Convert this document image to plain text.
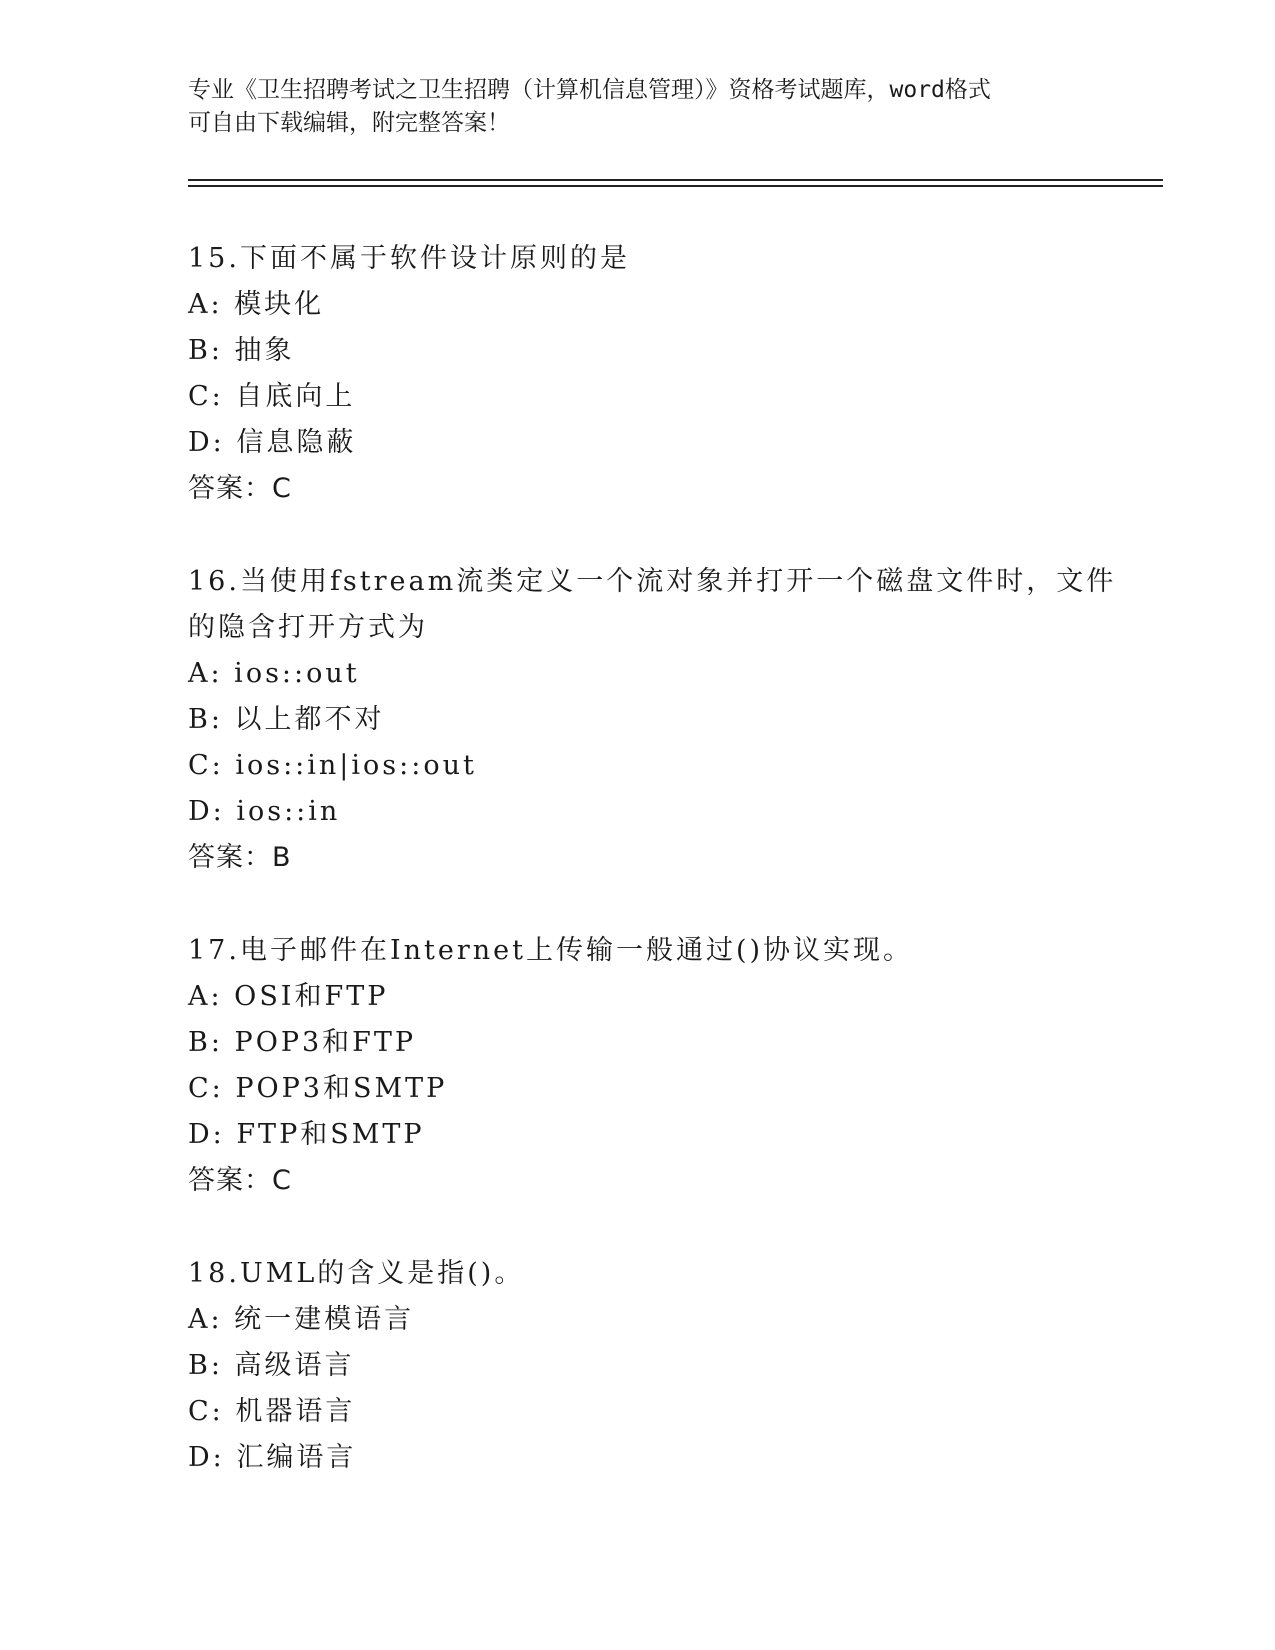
专业《卫生招聘考试之卫生招聘（计算机信息管理）》资格考试题库，word格式
可自由下载编辑，附完整答案！
15.下面不属于软件设计原则的是
A: 模块化
B: 抽象
C: 自底向上
D: 信息隐蔽
答案：C
16.当使用fstream流类定义一个流对象并打开一个磁盘文件时，文件
的隐含打开方式为
A: ios::out
B: 以上都不对
C: ios::in|ios::out
D: ios::in
答案：B
17.电子邮件在Internet上传输一般通过()协议实现。
A: OSI和FTP
B: POP3和FTP
C: POP3和SMTP
D: FTP和SMTP
答案：C
18.UML的含义是指()。
A: 统一建模语言
B: 高级语言
C: 机器语言
D: 汇编语言
